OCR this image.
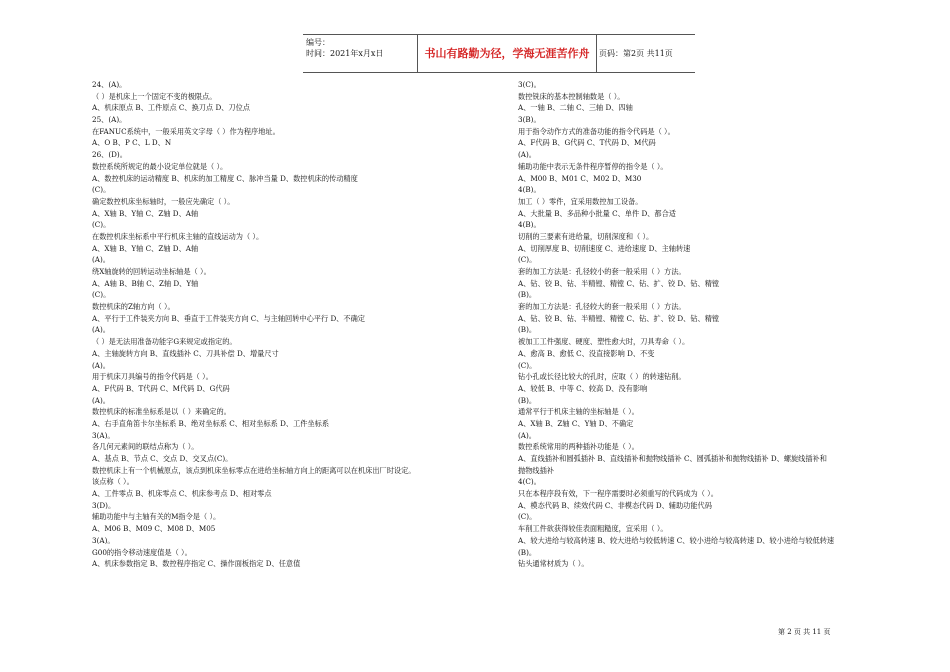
编号：
时间：2021年x月x日	书山有路勤为径，学海无涯苦作舟	页码：第2页 共11页
24、(A)。
（ ）是机床上一个固定不变的极限点。
A、机床原点 B、工件原点 C、换刀点 D、刀位点
25、(A)。
在FANUC系统中，一般采用英文字母（ ）作为程序地址。
A、O B、P C、L D、N
26、(D)。
数控系统所规定的最小设定单位就是（ ）。
A、数控机床的运动精度 B、机床的加工精度 C、脉冲当量 D、数控机床的传动精度
(C)。
确定数控机床坐标轴时，一般应先确定（ ）。
A、X轴 B、Y轴 C、Z轴 D、A轴
(C)。
在数控机床坐标系中平行机床主轴的直线运动为（ ）。
A、X轴 B、Y轴 C、Z轴 D、A轴
(A)。
绕X轴旋转的回转运动坐标轴是（ ）。
A、A轴 B、B轴 C、Z轴 D、Y轴
(C)。
数控机床的Z轴方向（ ）。
A、平行于工件装夹方向 B、垂直于工件装夹方向 C、与主轴回转中心平行 D、不确定
(A)。
（ ）是无法用准备功能字G来规定或指定的。
A、主轴旋转方向 B、直线插补 C、刀具补偿 D、增量尺寸
(A)。
用于机床刀具编号的指令代码是（ ）。
A、F代码 B、T代码 C、M代码 D、G代码
(A)。
数控机床的标准坐标系是以（ ）来确定的。
A、右手直角笛卡尔坐标系 B、绝对坐标系 C、相对坐标系 D、工件坐标系
3(A)。
各几何元素间的联结点称为（ ）。
A、基点 B、节点 C、交点 D、交叉点(C)。
数控机床上有一个机械原点，该点到机床坐标零点在进给坐标轴方向上的距离可以在机床出厂时设定。
该点称（ ）。
A、工件零点 B、机床零点 C、机床参考点 D、相对零点
3(D)。
辅助功能中与主轴有关的M指令是（ ）。
A、M06 B、M09 C、M08 D、M05
3(A)。
G00的指令移动速度值是（ ）。
A、机床参数指定 B、数控程序指定 C、操作面板指定 D、任意值
3(C)。
数控铣床的基本控制轴数是（ ）。
A、一轴 B、二轴 C、三轴 D、四轴
3(B)。
用于指令动作方式的准备功能的指令代码是（ ）。
A、F代码 B、G代码 C、T代码 D、M代码
(A)。
辅助功能中表示无条件程序暂停的指令是（ ）。
A、M00 B、M01 C、M02 D、M30
4(B)。
加工（ ）零件，宜采用数控加工设备。
A、大批量 B、多品种小批量 C、单件 D、都合适
4(B)。
切削的三要素有进给量，切削深度和（ ）。
A、切削厚度 B、切削速度 C、进给速度 D、主轴转速
(C)。
套的加工方法是：孔径较小的套一般采用（ ）方法。
A、钻、铰 B、钻、半精镗、精镗 C、钻、扩、铰 D、钻、精镗
(B)。
套的加工方法是：孔径较大的套一般采用（ ）方法。
A、钻、铰 B、钻、半精镗、精镗 C、钻、扩、铰 D、钻、精镗
(B)。
被加工工件强度、硬度、塑性愈大时，刀具寿命（ ）。
A、愈高 B、愈低 C、没直接影响 D、不变
(C)。
钻小孔或长径比较大的孔时，应取（ ）的转速钻削。
A、较低 B、中等 C、较高 D、没有影响
(B)。
通常平行于机床主轴的坐标轴是（ ）。
A、X轴 B、Z轴 C、Y轴 D、不确定
(A)。
数控系统常用的两种插补功能是（ ）。
A、直线插补和圆弧插补 B、直线插补和抛物线插补 C、圆弧插补和抛物线插补 D、螺旋线插补和
抛物线插补
4(C)。
只在本程序段有效，下一程序需要时必须重写的代码成为（ ）。
A、模态代码 B、续效代码 C、非模态代码 D、辅助功能代码
(C)。
车削工件欲获得较佳表面粗糙度，宜采用（ ）。
A、较大进给与较高转速 B、较大进给与较低转速 C、较小进给与较高转速 D、较小进给与较低转速
(B)。
钻头通常材质为（ ）。
第 2 页 共 11 页
